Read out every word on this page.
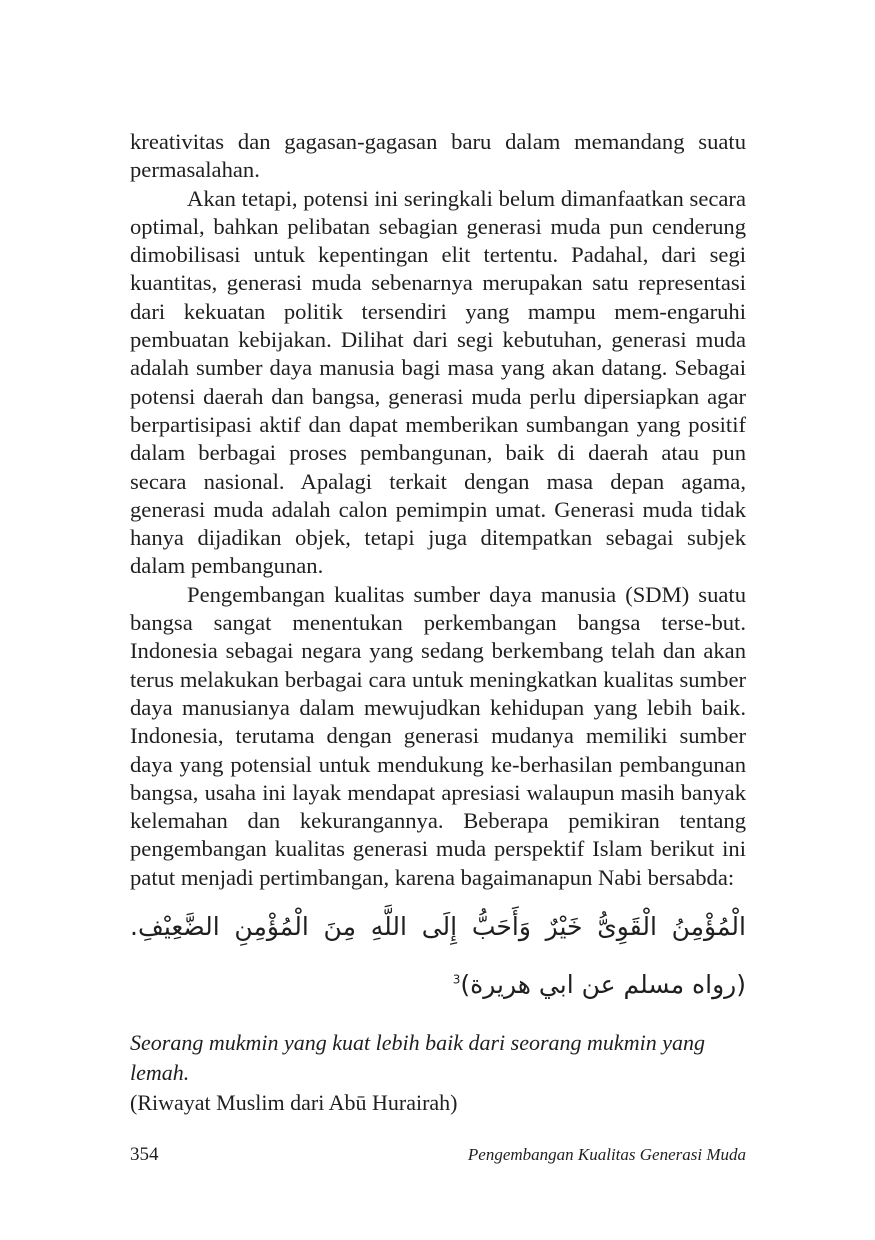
kreativitas dan gagasan-gagasan baru dalam memandang suatu permasalahan.

Akan tetapi, potensi ini seringkali belum dimanfaatkan secara optimal, bahkan pelibatan sebagian generasi muda pun cenderung dimobilisasi untuk kepentingan elit tertentu. Padahal, dari segi kuantitas, generasi muda sebenarnya merupakan satu representasi dari kekuatan politik tersendiri yang mampu mem-engaruhi pembuatan kebijakan. Dilihat dari segi kebutuhan, generasi muda adalah sumber daya manusia bagi masa yang akan datang. Sebagai potensi daerah dan bangsa, generasi muda perlu dipersiapkan agar berpartisipasi aktif dan dapat memberikan sumbangan yang positif dalam berbagai proses pembangunan, baik di daerah atau pun secara nasional. Apalagi terkait dengan masa depan agama, generasi muda adalah calon pemimpin umat. Generasi muda tidak hanya dijadikan objek, tetapi juga ditempatkan sebagai subjek dalam pembangunan.

Pengembangan kualitas sumber daya manusia (SDM) suatu bangsa sangat menentukan perkembangan bangsa terse-but. Indonesia sebagai negara yang sedang berkembang telah dan akan terus melakukan berbagai cara untuk meningkatkan kualitas sumber daya manusianya dalam mewujudkan kehidupan yang lebih baik. Indonesia, terutama dengan generasi mudanya memiliki sumber daya yang potensial untuk mendukung ke-berhasilan pembangunan bangsa, usaha ini layak mendapat apresiasi walaupun masih banyak kelemahan dan kekurangannya. Beberapa pemikiran tentang pengembangan kualitas generasi muda perspektif Islam berikut ini patut menjadi pertimbangan, karena bagaimanapun Nabi bersabda:

الْمُؤْمِنُ الْقَوِىُّ خَيْرٌ وَأَحَبُّ إِلَى اللَّهِ مِنَ الْمُؤْمِنِ الضَّعِيْفِ. (رواه مسلم عن ابي هريرة)$^3$

Seorang mukmin yang kuat lebih baik dari seorang mukmin yang lemah.
(Riwayat Muslim dari Abū Hurairah)

354	Pengembangan Kualitas Generasi Muda
